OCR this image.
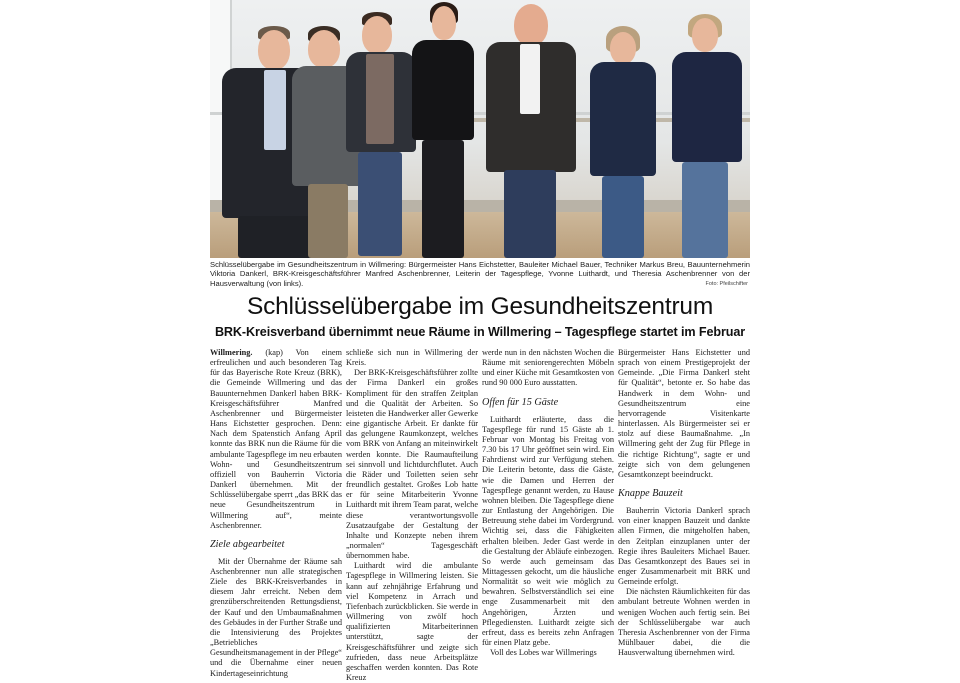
Schlüsselübergabe im Gesundheitszentrum in Willmering: Bürgermeister Hans Eichstetter, Bauleiter Michael Bauer, Techniker Markus Breu, Bauunternehmerin Viktoria Dankerl, BRK-Kreisgeschäftsführer Manfred Aschenbrenner, Leiterin der Tagespflege, Yvonne Luithardt, und Theresia Aschenbrenner von der Hausverwaltung (von links).	Foto: Pfeilschifter
Schlüsselübergabe im Gesundheitszentrum
BRK-Kreisverband übernimmt neue Räume in Willmering – Tagespflege startet im Februar

Willmering. (kap) Von einem erfreulichen und auch besonderen Tag für das Bayerische Rote Kreuz (BRK), die Gemeinde Willmering und das Bauunternehmen Dankerl haben BRK-Kreisgeschäftsführer Manfred Aschenbrenner und Bürgermeister Hans Eichstetter gesprochen. Denn: Nach dem Spatenstich Anfang April konnte das BRK nun die Räume für die ambulante Tagespflege im neu erbauten Wohn- und Gesundheitszentrum offiziell von Bauherrin Victoria Dankerl übernehmen. Mit der Schlüsselübergabe sperrt „das BRK das neue Gesundheitszentrum in Willmering auf“, meinte Aschenbrenner.

Ziele abgearbeitet

Mit der Übernahme der Räume sah Aschenbrenner nun alle strategischen Ziele des BRK-Kreisverbandes in diesem Jahr erreicht. Neben dem grenzüberschreitenden Rettungsdienst, der Kauf und den Umbaumaßnahmen des Gebäudes in der Further Straße und die Intensivierung des Projektes „Betriebliches Gesundheitsmanagement in der Pflege“ und die Übernahme einer neuen Kindertageseinrichtung

schließe sich nun in Willmering der Kreis.

Der BRK-Kreisgeschäftsführer zollte der Firma Dankerl ein großes Kompliment für den straffen Zeitplan und die Qualität der Arbeiten. So leisteten die Handwerker aller Gewerke eine gigantische Arbeit. Er dankte für das gelungene Raumkonzept, welches vom BRK von Anfang an miteinwirkelt werden konnte. Die Raumaufteilung sei sinnvoll und lichtdurchflutet. Auch die Räder und Toiletten seien sehr freundlich gestaltet. Großes Lob hatte er für seine Mitarbeiterin Yvonne Luithardt mit ihrem Team parat, welche diese verantwortungsvolle Zusatzaufgabe der Gestaltung der Inhalte und Konzepte neben ihrem „normalen“ Tagesgeschäft übernommen habe.

Luithardt wird die ambulante Tagespflege in Willmering leisten. Sie kann auf zehnjährige Erfahrung und viel Kompetenz in Arrach und Tiefenbach zurückblicken. Sie werde in Willmering von zwölf hoch qualifizierten Mitarbeiterinnen unterstützt, sagte der Kreisgeschäftsführer und zeigte sich zufrieden, dass neue Arbeitsplätze geschaffen werden konnten. Das Rote Kreuz

werde nun in den nächsten Wochen die Räume mit seniorengerechten Möbeln und einer Küche mit Gesamtkosten von rund 90 000 Euro ausstatten.

Offen für 15 Gäste

Luithardt erläuterte, dass die Tagespflege für rund 15 Gäste ab 1. Februar von Montag bis Freitag von 7.30 bis 17 Uhr geöffnet sein wird. Ein Fahrdienst wird zur Verfügung stehen. Die Leiterin betonte, dass die Gäste, wie die Damen und Herren der Tagespflege genannt werden, zu Hause wohnen bleiben. Die Tagespflege diene zur Entlastung der Angehörigen. Die Betreuung stehe dabei im Vordergrund. Wichtig sei, dass die Fähigkeiten erhalten bleiben. Jeder Gast werde in die Gestaltung der Abläufe einbezogen. So werde auch gemeinsam das Mittagessen gekocht, um die häusliche Normalität so weit wie möglich zu bewahren. Selbstverständlich sei eine enge Zusammenarbeit mit den Angehörigen, Ärzten und Pflegediensten. Luithardt zeigte sich erfreut, dass es bereits zehn Anfragen für einen Platz gebe.

Voll des Lobes war Willmerings

Bürgermeister Hans Eichstetter und sprach von einem Prestigeprojekt der Gemeinde. „Die Firma Dankerl steht für Qualität“, betonte er. So habe das Handwerk in dem Wohn- und Gesundheitszentrum eine hervorragende Visitenkarte hinterlassen. Als Bürgermeister sei er stolz auf diese Baumaßnahme. „In Willmering geht der Zug für Pflege in die richtige Richtung“, sagte er und zeigte sich von dem gelungenen Gesamtkonzept beeindruckt.

Knappe Bauzeit

Bauherrin Victoria Dankerl sprach von einer knappen Bauzeit und dankte allen Firmen, die mitgeholfen haben, den Zeitplan einzuplanen unter der Regie ihres Bauleiters Michael Bauer. Das Gesamtkonzept des Baues sei in enger Zusammenarbeit mit BRK und Gemeinde erfolgt.

Die nächsten Räumlichkeiten für das ambulant betreute Wohnen werden in wenigen Wochen auch fertig sein. Bei der Schlüsselübergabe war auch Theresia Aschenbrenner von der Firma Mühlbauer dabei, die die Hausverwaltung übernehmen wird.
